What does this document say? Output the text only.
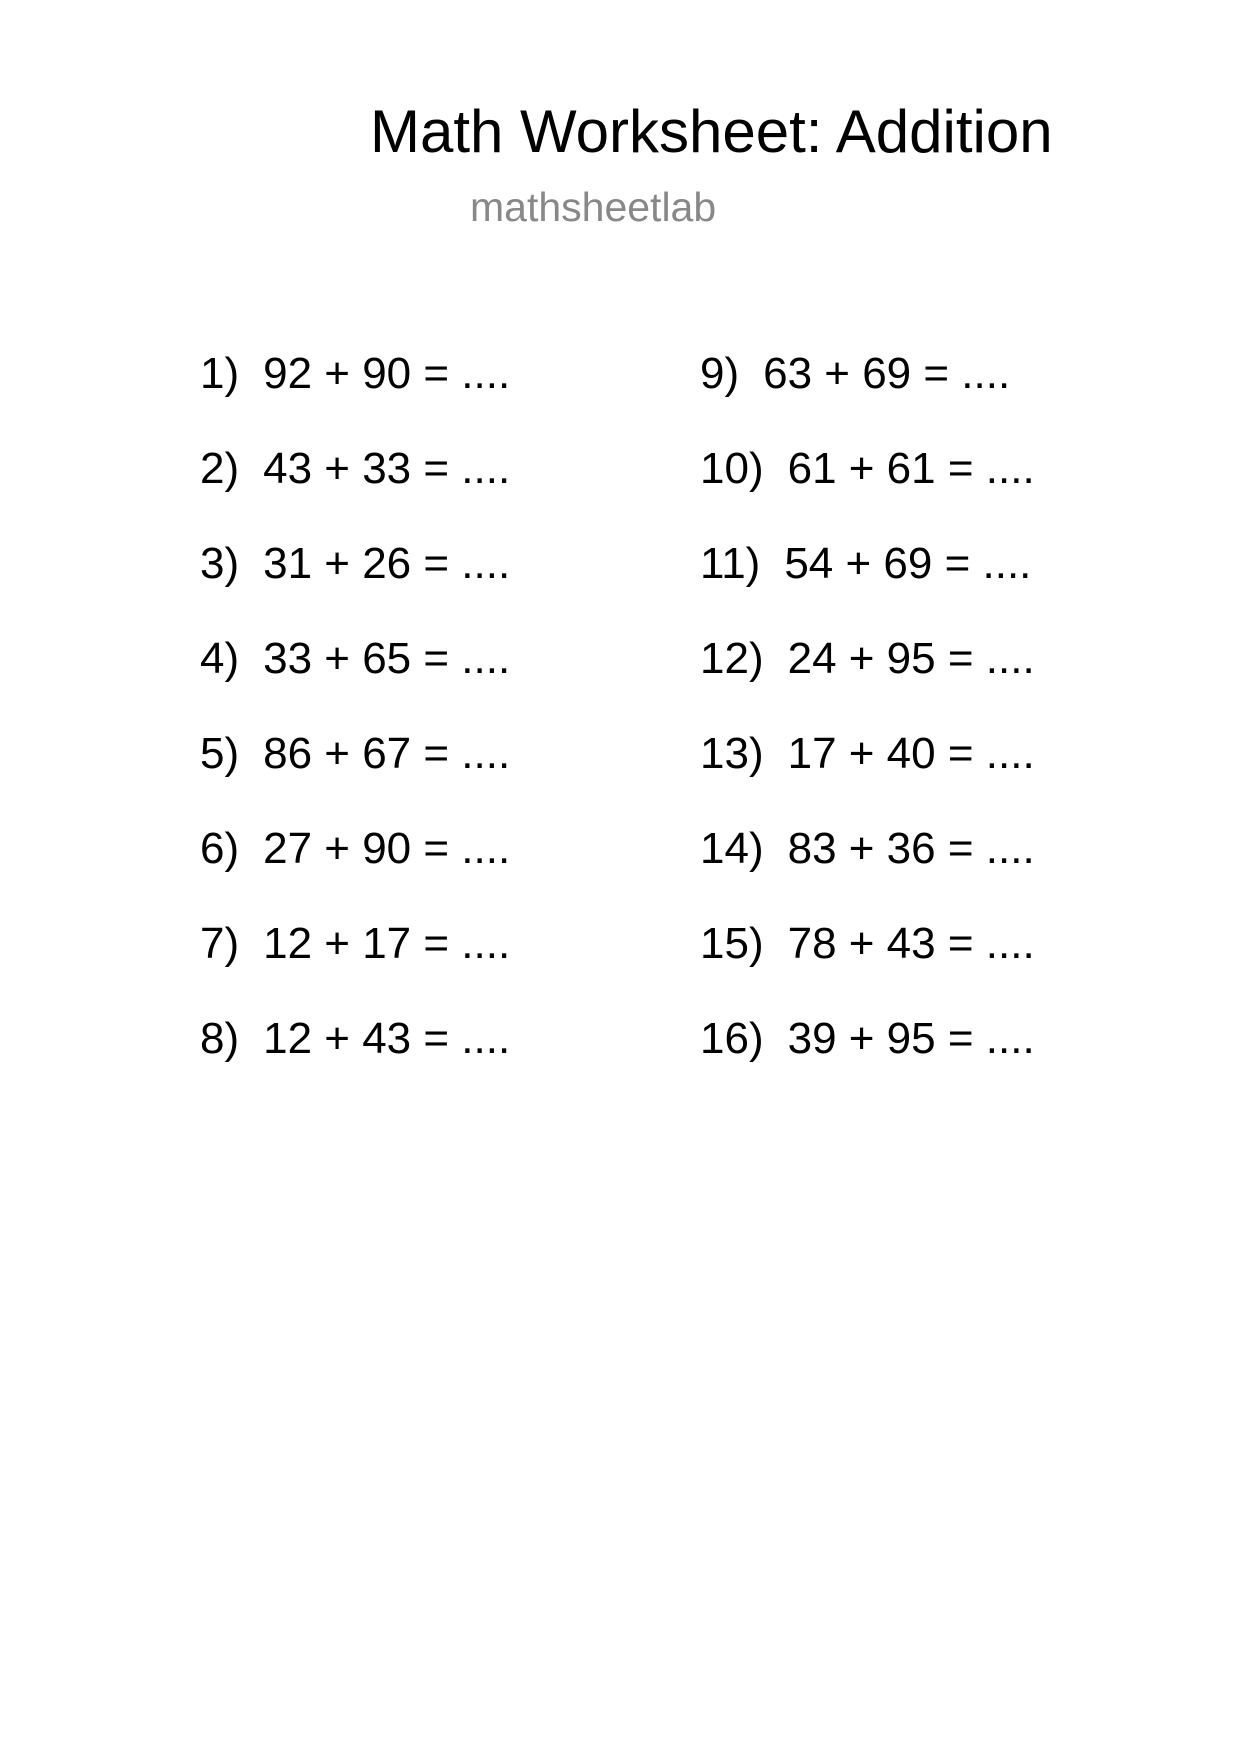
Math Worksheet: Addition
mathsheetlab
1) 92 + 90 = ....
2) 43 + 33 = ....
3) 31 + 26 = ....
4) 33 + 65 = ....
5) 86 + 67 = ....
6) 27 + 90 = ....
7) 12 + 17 = ....
8) 12 + 43 = ....
9) 63 + 69 = ....
10) 61 + 61 = ....
11) 54 + 69 = ....
12) 24 + 95 = ....
13) 17 + 40 = ....
14) 83 + 36 = ....
15) 78 + 43 = ....
16) 39 + 95 = ....
